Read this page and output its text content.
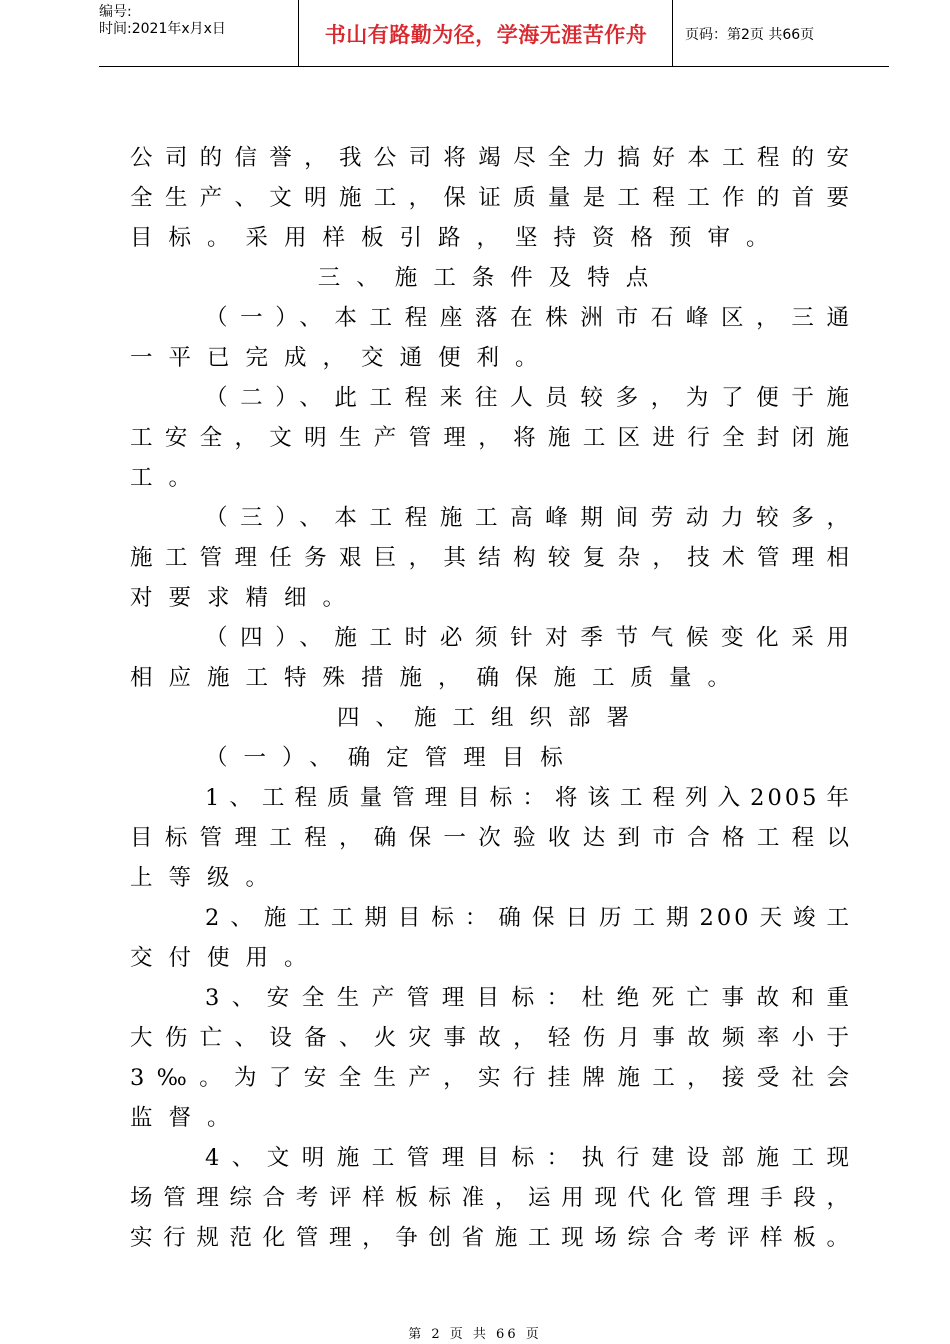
编号:
时间:2021年x月x日	书山有路勤为径，学海无涯苦作舟	页码：第2页 共66页
公司的信誉，我公司将竭尽全力搞好本工程的安
全生产、文明施工，保证质量是工程工作的首要
目标。采用样板引路，坚持资格预审。
三、施工条件及特点
（一）、本工程座落在株洲市石峰区，三通
一平已完成，交通便利。
（二）、此工程来往人员较多，为了便于施
工安全，文明生产管理，将施工区进行全封闭施
工。
（三）、本工程施工高峰期间劳动力较多，
施工管理任务艰巨，其结构较复杂，技术管理相
对要求精细。
（四）、施工时必须针对季节气候变化采用
相应施工特殊措施，确保施工质量。
四、施工组织部署
（一）、确定管理目标
1、工程质量管理目标：将该工程列入2005年
目标管理工程，确保一次验收达到市合格工程以
上等级。
2、施工工期目标：确保日历工期200天竣工
交付使用。
3、安全生产管理目标：杜绝死亡事故和重
大伤亡、设备、火灾事故，轻伤月事故频率小于
3‰。为了安全生产，实行挂牌施工，接受社会
监督。
4、文明施工管理目标：执行建设部施工现
场管理综合考评样板标准，运用现代化管理手段，
实行规范化管理，争创省施工现场综合考评样板。
第 2 页 共 66 页
